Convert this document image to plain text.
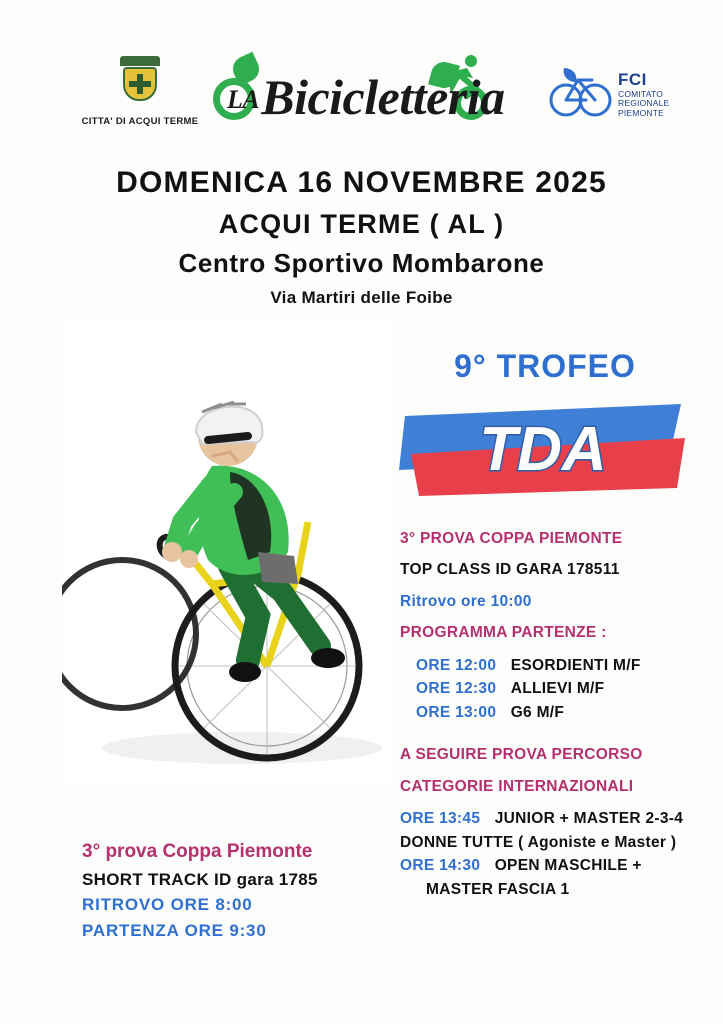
CITTA' DI ACQUI TERME
LABicicletteria	FCI
COMITATO
REGIONALE
PIEMONTE
DOMENICA 16 NOVEMBRE 2025
ACQUI TERME ( AL )
Centro Sportivo Mombarone
Via Martiri delle Foibe
9° TROFEO
TDA
3° PROVA COPPA PIEMONTE
TOP CLASS ID GARA 178511
Ritrovo ore 10:00
PROGRAMMA PARTENZE :
ORE 12:00 ESORDIENTI M/F
ORE 12:30 ALLIEVI M/F
ORE 13:00 G6 M/F
A SEGUIRE PROVA PERCORSO
CATEGORIE INTERNAZIONALI
ORE 13:45 JUNIOR + MASTER 2-3-4
DONNE TUTTE ( Agoniste e Master )
ORE 14:30 OPEN MASCHILE +
MASTER FASCIA 1
3° prova Coppa Piemonte
SHORT TRACK ID gara 1785
RITROVO ORE 8:00
PARTENZA ORE 9:30
